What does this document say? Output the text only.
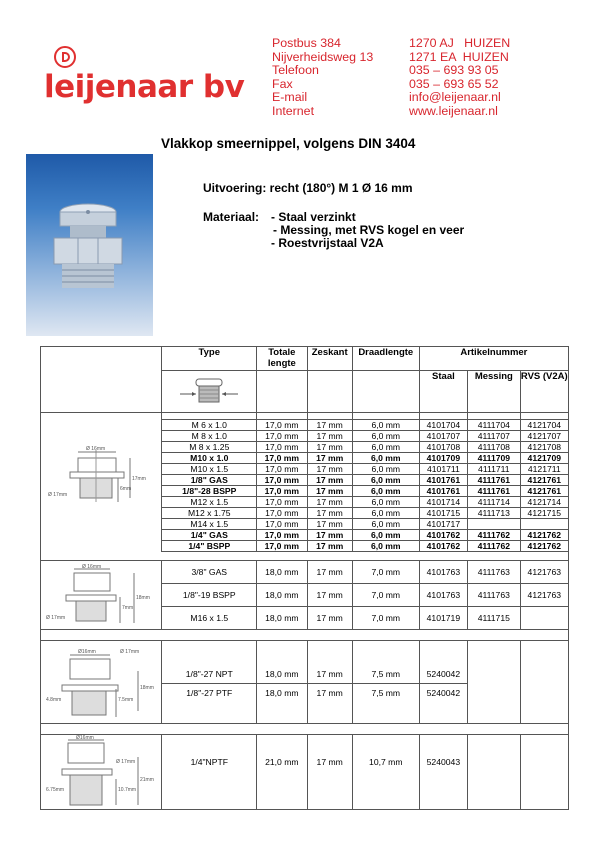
leijenaar bv
Postbus 384
Nijverheidsweg 13
Telefoon
Fax
E-mail
Internet
1270 AJ   HUIZEN
1271 EA  HUIZEN
035 – 693 93 05
035 – 693 65 52
info@leijenaar.nl
www.leijenaar.nl
Vlakkop smeernippel, volgens DIN 3404
Uitvoering: recht (180°) M 1 Ø 16 mm
Materiaal: - Staal verzinkt
- Messing, met RVS kogel en veer
- Roestvrijstaal V2A
	Type	Totale lengte	Zeskant	Draadlengte	Artikelnummer		
				Staal	Messing	RVS (V2A)

Ø 16mm
17mm
6mm
Ø 17mm	M 6 x 1.0	17,0 mm	17 mm	6,0 mm	4101704	4111704	4121704
	M 8 x 1.0	17,0 mm	17 mm	6,0 mm	4101707	4111707	4121707
	M 8 x 1.25	17,0 mm	17 mm	6,0 mm	4101708	4111708	4121708
	M10 x 1.0	17,0 mm	17 mm	6,0 mm	4101709	4111709	4121709
	M10 x 1.5	17,0 mm	17 mm	6,0 mm	4101711	4111711	4121711
	1/8" GAS	17,0 mm	17 mm	6,0 mm	4101761	4111761	4121761
	1/8"-28 BSPP	17,0 mm	17 mm	6,0 mm	4101761	4111761	4121761
	M12 x 1.5	17,0 mm	17 mm	6,0 mm	4101714	4111714	4121714
	M12 x 1.75	17,0 mm	17 mm	6,0 mm	4101715	4111713	4121715
	M14 x 1.5	17,0 mm	17 mm	6,0 mm	4101717		
	1/4" GAS	17,0 mm	17 mm	6,0 mm	4101762	4111762	4121762
	1/4" BSPP	17,0 mm	17 mm	6,0 mm	4101762	4111762	4121762

Ø 16mm
18mm
7mm
Ø 17mm	3/8" GAS	18,0 mm	17 mm	7,0 mm	4101763	4111763	4121763
	1/8"-19 BSPP	18,0 mm	17 mm	7,0 mm	4101763	4111763	4121763
	M16 x 1.5	18,0 mm	17 mm	7,0 mm	4101719	4111715	

Ø16mm Ø 17mm
18mm
7.5mm
4.8mm	1/8"-27 NPT	18,0 mm	17 mm	7,5 mm	5240042		
	1/8"-27 PTF	18,0 mm	17 mm	7,5 mm	5240042		

Ø16mm
Ø 17mm
21mm
10.7mm
6.75mm	1/4"NPTF	21,0 mm	17 mm	10,7 mm	5240043		
